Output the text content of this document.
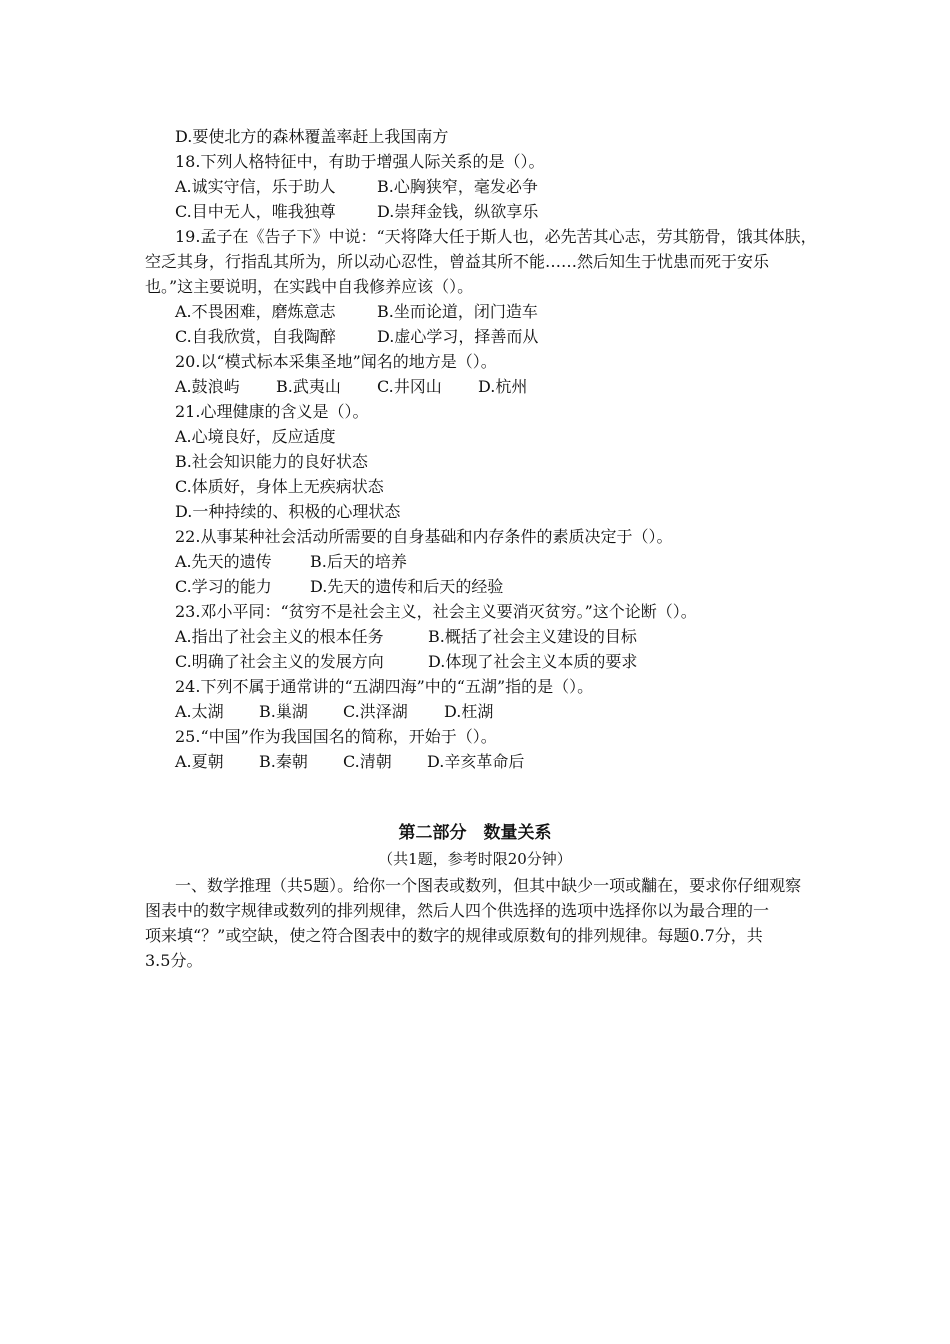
D.要使北方的森林覆盖率赶上我国南方
18.下列人格特征中，有助于增强人际关系的是（）。
A.诚实守信，乐于助人	B.心胸狭窄，毫发必争
C.目中无人，唯我独尊	D.崇拜金钱，纵欲享乐
19.孟子在《告子下》中说：“天将降大任于斯人也，必先苦其心志，劳其筋骨，饿其体肤，
空乏其身，行指乱其所为，所以动心忍性，曾益其所不能……然后知生于忧患而死于安乐
也。”这主要说明，在实践中自我修养应该（）。
A.不畏困难，磨炼意志	B.坐而论道，闭门造车
C.自我欣赏，自我陶醉	D.虚心学习，择善而从
20.以“模式标本采集圣地”闻名的地方是（）。
A.鼓浪屿 B.武夷山 C.井冈山 D.杭州
21.心理健康的含义是（）。
A.心境良好，反应适度
B.社会知识能力的良好状态
C.体质好，身体上无疾病状态
D.一种持续的、积极的心理状态
22.从事某种社会活动所需要的自身基础和内存条件的素质决定于（）。
A.先天的遗传 B.后天的培养
C.学习的能力 D.先天的遗传和后天的经验
23.邓小平同：“贫穷不是社会主义，社会主义要消灭贫穷。”这个论断（）。
A.指出了社会主义的根本任务	B.概括了社会主义建设的目标
C.明确了社会主义的发展方向	D.体现了社会主义本质的要求
24.下列不属于通常讲的“五湖四海”中的“五湖”指的是（）。
A.太湖 B.巢湖 C.洪泽湖 D.枉湖
25.“中国”作为我国国名的简称，开始于（）。
A.夏朝 B.秦朝 C.清朝 D.辛亥革命后
第二部分　数量关系
（共1题，参考时限20分钟）
一、数学推理（共5题）。给你一个图表或数列，但其中缺少一项或黼在，要求你仔细观察
图表中的数字规律或数列的排列规律，然后人四个供选择的选项中选择你以为最合理的一
项来填“？”或空缺，使之符合图表中的数字的规律或原数旬的排列规律。每题0.7分，共
3.5分。
